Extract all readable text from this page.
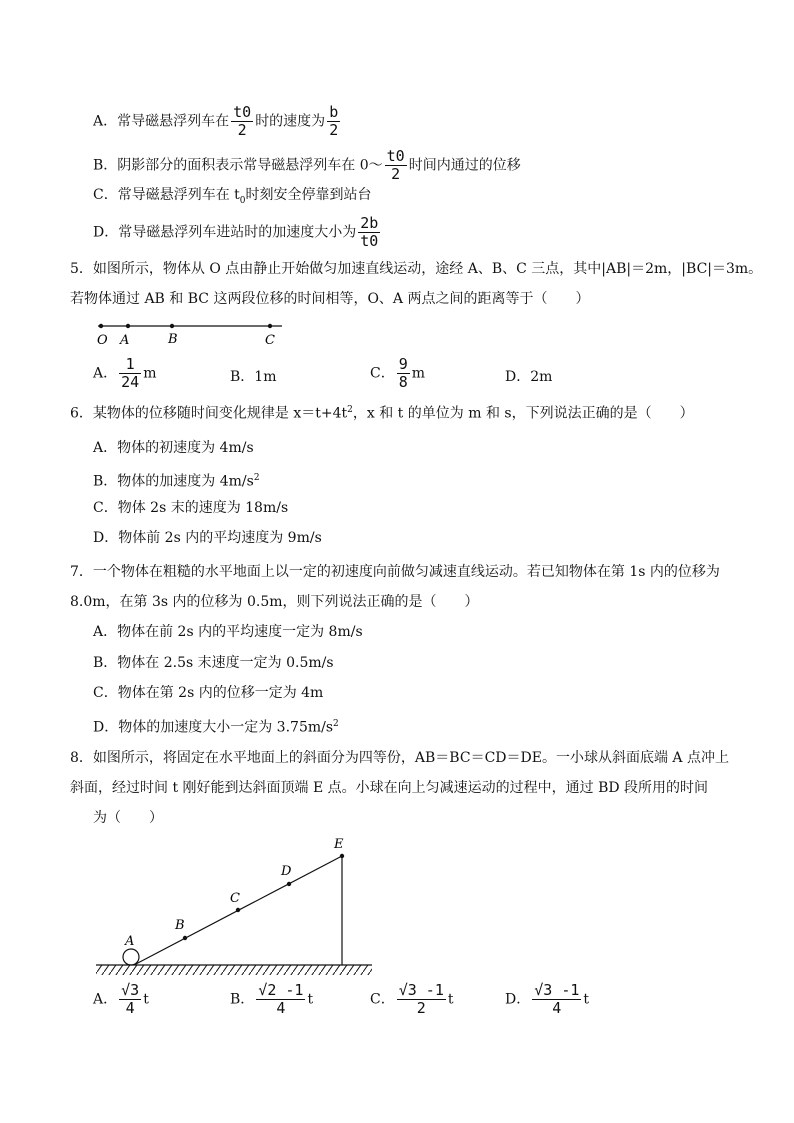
A．常导磁悬浮列车在 $\frac{t0}{2}$ 时的速度为 $\frac{b}{2}$
B．阴影部分的面积表示常导磁悬浮列车在 0～ $\frac{t0}{2}$ 时间内通过的位移
C．常导磁悬浮列车在 $t_0$时刻安全停靠到站台
D．常导磁悬浮列车进站时的加速度大小为 $\frac{2b}{t0}$
5．如图所示，物体从 O 点由静止开始做匀加速直线运动，途经 A、B、C 三点，其中|AB|＝2m，|BC|＝3m。
若物体通过 AB 和 BC 这两段位移的时间相等，O、A 两点之间的距离等于（　　）
O A	B	C
A． $\frac{1}{24}$ m	B．1m	C． $\frac{9}{8}$ m	D．2m
6．某物体的位移随时间变化规律是 $x=t+4t^2$，x 和 t 的单位为 m 和 s，下列说法正确的是（　　）
A．物体的初速度为 4m/s
B．物体的加速度为 $4m/s^2$
C．物体 2s 末的速度为 18m/s
D．物体前 2s 内的平均速度为 9m/s
7．一个物体在粗糙的水平地面上以一定的初速度向前做匀减速直线运动。若已知物体在第 1s 内的位移为
8.0m，在第 3s 内的位移为 0.5m，则下列说法正确的是（　　）
A．物体在前 2s 内的平均速度一定为 8m/s
B．物体在 2.5s 末速度一定为 0.5m/s
C．物体在第 2s 内的位移一定为 4m
D．物体的加速度大小一定为 $3.75m/s^2$
8．如图所示，将固定在水平地面上的斜面分为四等份，AB＝BC＝CD＝DE。一小球从斜面底端 A 点冲上
斜面，经过时间 t 刚好能到达斜面顶端 E 点。小球在向上匀减速运动的过程中，通过 BD 段所用的时间
为（　　）
A
B
C
D
E
A． $\frac{√3}{4}$ t	B． $\frac{√2 -1}{4}$ t	C． $\frac{√3 -1}{2}$ t	D． $\frac{√3 -1}{4}$ t
